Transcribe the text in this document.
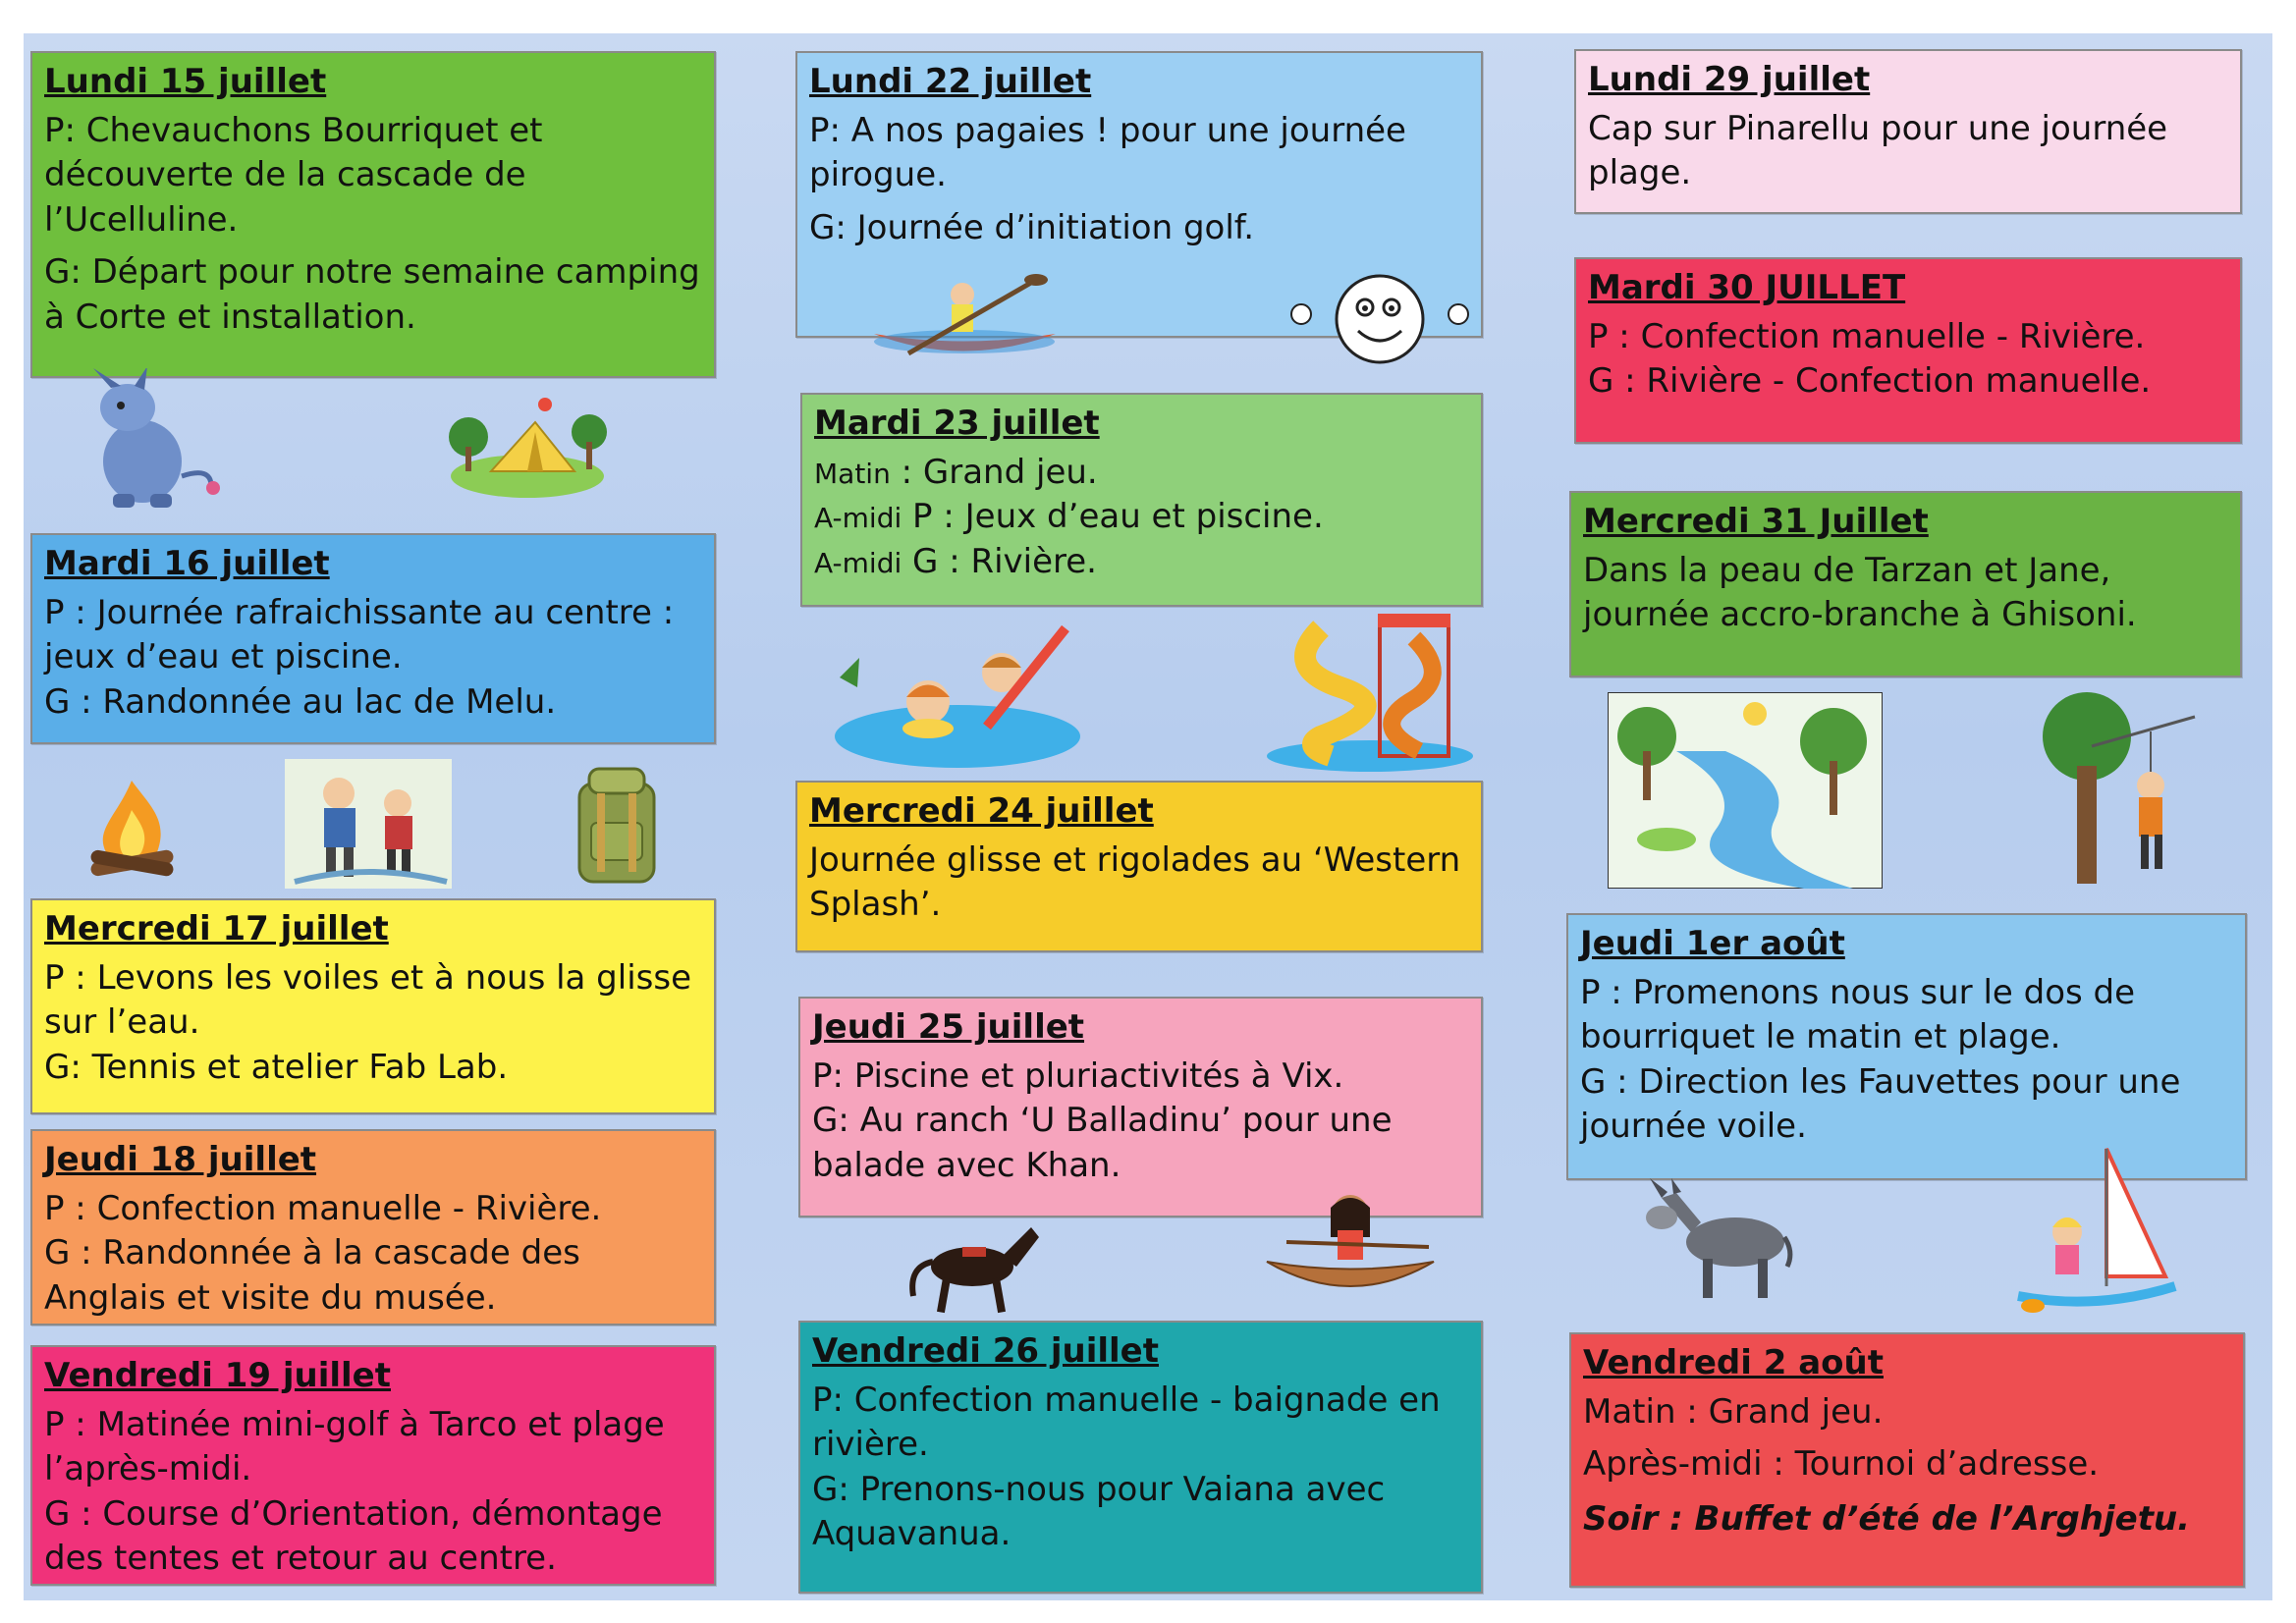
Lundi 15 juillet

P: Chevauchons Bourriquet et découverte de la cascade de l’Ucelluline.

G: Départ pour notre semaine camping à Corte et installation.

Mardi 16 juillet

P : Journée rafraichissante au centre : jeux d’eau et piscine.

G : Randonnée au lac de Melu.

Mercredi 17 juillet

P : Levons les voiles et à nous la glisse sur l’eau.

G: Tennis et atelier Fab Lab.

Jeudi 18 juillet

P : Confection manuelle - Rivière.

G : Randonnée à la cascade des Anglais et visite du musée.

Vendredi 19 juillet

P : Matinée mini-golf à Tarco et plage l’après-midi.

G : Course d’Orientation, démontage des tentes et retour au centre.

Lundi 22 juillet

P: A nos pagaies ! pour une journée pirogue.

G: Journée d’initiation golf.

Mardi 23 juillet

Matin : Grand jeu.

A-midi P : Jeux d’eau et piscine.

A-midi G : Rivière.

Mercredi 24 juillet

Journée glisse et rigolades au ‘Western Splash’.

Jeudi 25 juillet

P: Piscine et pluriactivités à Vix.

G: Au ranch ‘U Balladinu’ pour une balade avec Khan.

Vendredi 26 juillet

P: Confection manuelle - baignade en rivière.

G: Prenons-nous pour Vaiana avec Aquavanua.

Lundi 29 juillet

Cap sur Pinarellu pour une journée plage.

Mardi 30 JUILLET

P : Confection manuelle - Rivière.

G : Rivière - Confection manuelle.

Mercredi 31 Juillet

Dans la peau de Tarzan et Jane, journée accro-branche à Ghisoni.

Jeudi 1er août

P : Promenons nous sur le dos de bourriquet le matin et plage.

G : Direction les Fauvettes pour une journée voile.

Vendredi 2 août

Matin : Grand jeu.

Après-midi : Tournoi d’adresse.

Soir : Buffet d’été de l’Arghjetu.
